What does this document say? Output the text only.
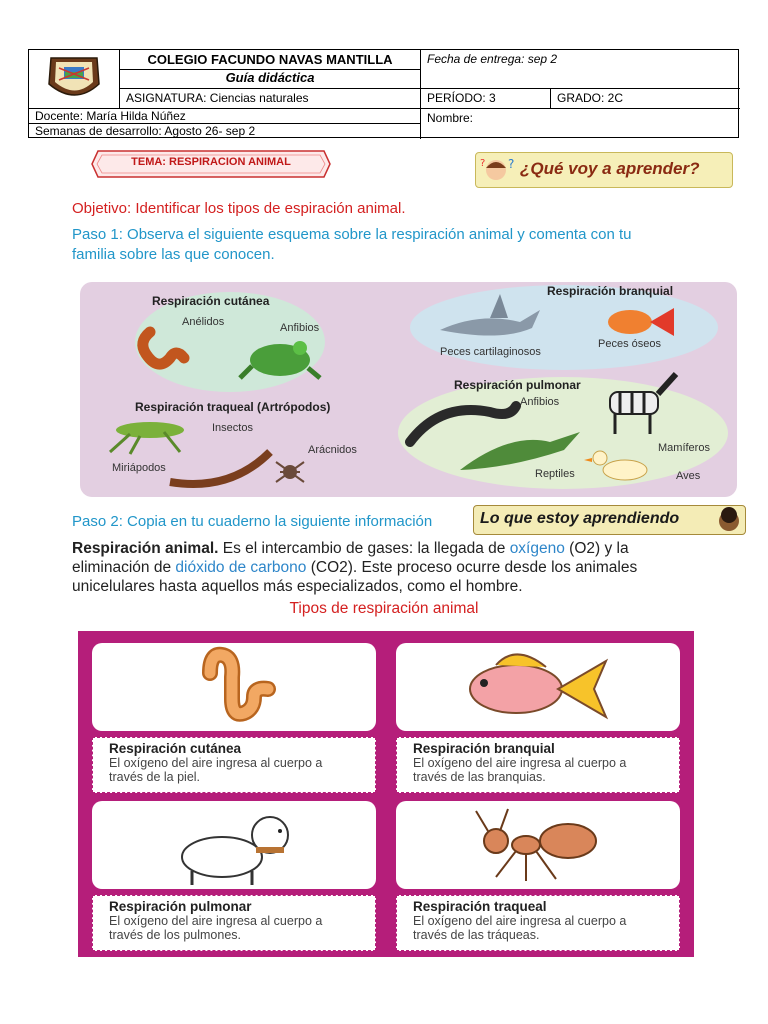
COLEGIO FACUNDO NAVAS MANTILLA
Guía didáctica
Fecha de entrega: sep 2
ASIGNATURA: Ciencias naturales	PERÍODO: 3	GRADO: 2C
Docente: María Hilda Núñez
Semanas de desarrollo: Agosto 26- sep 2
Nombre:
TEMA: RESPIRACION ANIMAL	?
? ¿Qué voy a aprender?
Objetivo: Identificar los tipos de espiración animal.
Paso 1: Observa el siguiente esquema sobre la respiración animal y comenta con tu
familia sobre las que conocen.
Respiración cutánea
Anélidos	Anfibios
Respiración branquial
Peces cartilaginosos
Peces óseos
Respiración pulmonar
Anfibios
Mamíferos
Reptiles	Aves
Respiración traqueal (Artrópodos)
Insectos
Arácnidos
Miriápodos
Paso 2: Copia en tu cuaderno la siguiente información	Lo que estoy aprendiendo
Respiración animal. Es el intercambio de gases: la llegada de oxígeno (O2) y la eliminación de dióxido de carbono (CO2). Este proceso ocurre desde los animales unicelulares hasta aquellos más especializados, como el hombre.
Tipos de respiración animal
Respiración cutánea
El oxígeno del aire ingresa al cuerpo a través de la piel.
Respiración branquial
El oxígeno del aire ingresa al cuerpo a través de las branquias.
Respiración pulmonar
El oxígeno del aire ingresa al cuerpo a través de los pulmones.
Respiración traqueal
El oxígeno del aire ingresa al cuerpo a través de las tráqueas.
